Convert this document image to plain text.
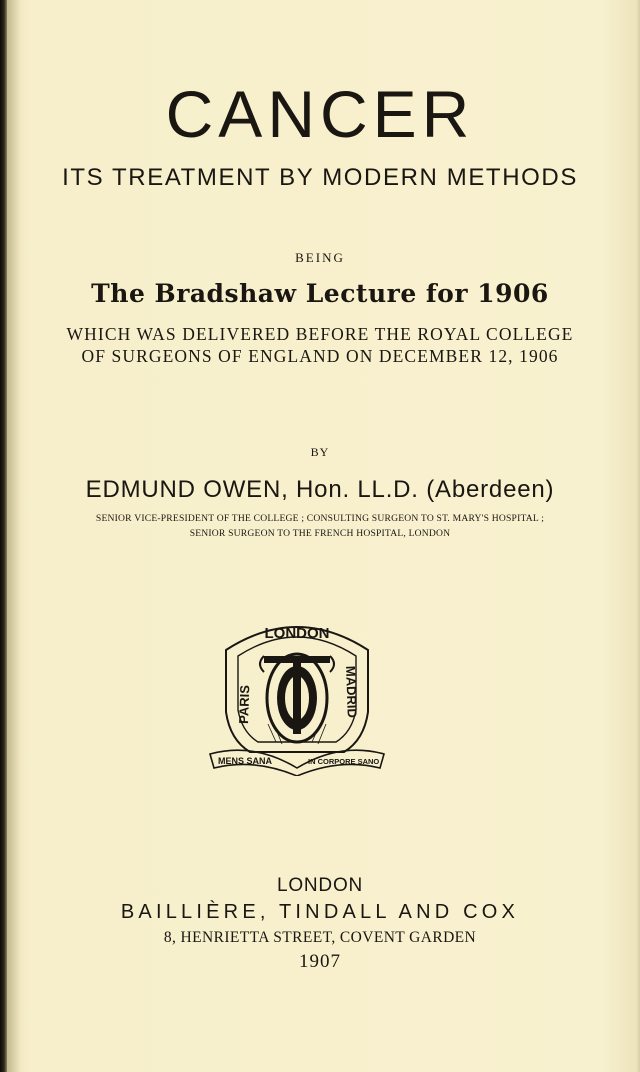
CANCER
ITS TREATMENT BY MODERN METHODS
BEING
The Bradshaw Lecture for 1906
WHICH WAS DELIVERED BEFORE THE ROYAL COLLEGE
OF SURGEONS OF ENGLAND ON DECEMBER 12, 1906
BY
EDMUND OWEN, Hon. LL.D. (Aberdeen)
SENIOR VICE-PRESIDENT OF THE COLLEGE ; CONSULTING SURGEON TO ST. MARY'S HOSPITAL ;
SENIOR SURGEON TO THE FRENCH HOSPITAL, LONDON
LONDON
PARIS	MADRID
MENS SANA	IN CORPORE SANO
LONDON
BAILLIÈRE, TINDALL AND COX
8, HENRIETTA STREET, COVENT GARDEN
1907
